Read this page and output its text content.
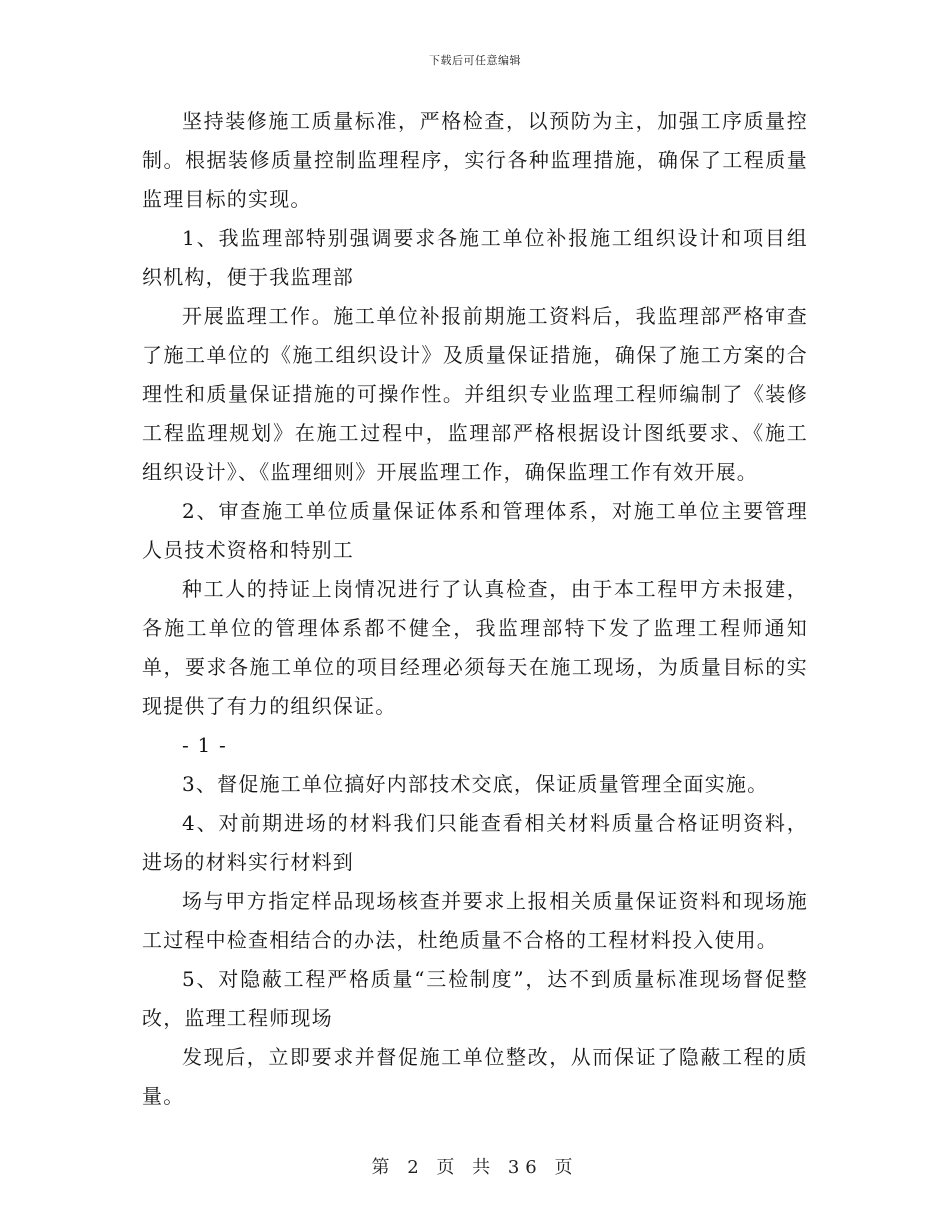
下载后可任意编辑

坚持装修施工质量标准，严格检查，以预防为主，加强工序质量控制。根据装修质量控制监理程序，实行各种监理措施，确保了工程质量监理目标的实现。

1、我监理部特别强调要求各施工单位补报施工组织设计和项目组织机构，便于我监理部

开展监理工作。施工单位补报前期施工资料后，我监理部严格审查了施工单位的《施工组织设计》及质量保证措施，确保了施工方案的合理性和质量保证措施的可操作性。并组织专业监理工程师编制了《装修工程监理规划》在施工过程中，监理部严格根据设计图纸要求、《施工组织设计》、《监理细则》开展监理工作，确保监理工作有效开展。

2、审查施工单位质量保证体系和管理体系，对施工单位主要管理人员技术资格和特别工

种工人的持证上岗情况进行了认真检查，由于本工程甲方未报建，各施工单位的管理体系都不健全，我监理部特下发了监理工程师通知单，要求各施工单位的项目经理必须每天在施工现场，为质量目标的实现提供了有力的组织保证。

- 1 -

3、督促施工单位搞好内部技术交底，保证质量管理全面实施。

4、对前期进场的材料我们只能查看相关材料质量合格证明资料，进场的材料实行材料到

场与甲方指定样品现场核查并要求上报相关质量保证资料和现场施工过程中检查相结合的办法，杜绝质量不合格的工程材料投入使用。

5、对隐蔽工程严格质量“三检制度”，达不到质量标准现场督促整改，监理工程师现场

发现后，立即要求并督促施工单位整改，从而保证了隐蔽工程的质量。

第 2 页 共 36 页
